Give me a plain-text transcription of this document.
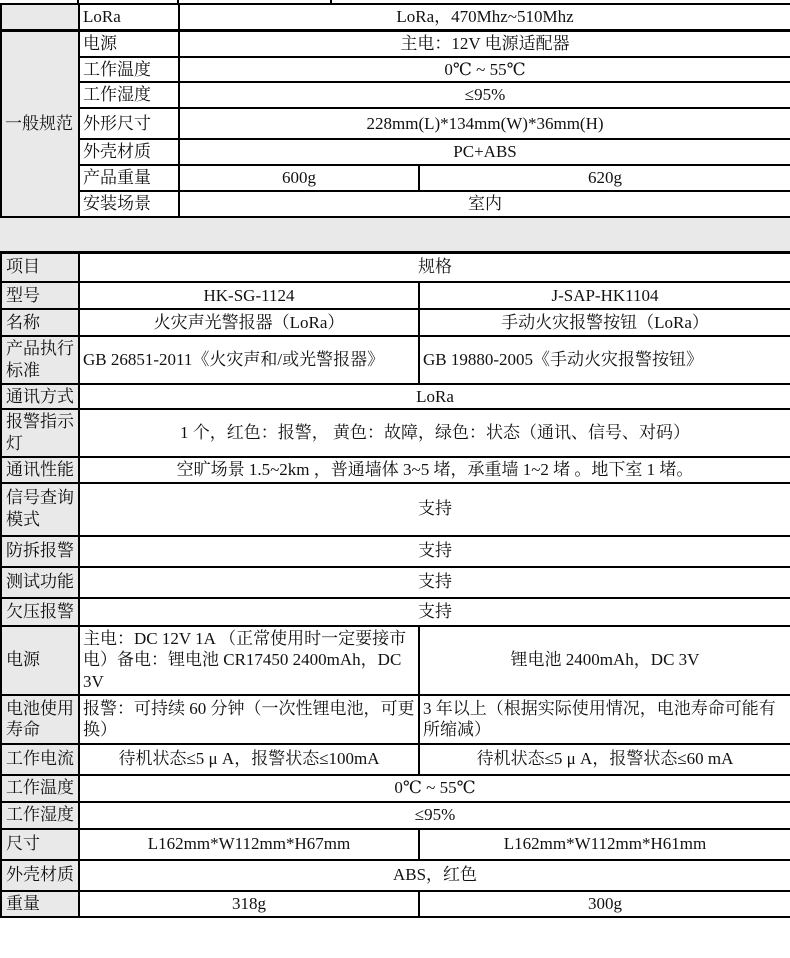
	LoRa	LoRa，470Mhz~510Mhz	
一般规范	电源	主电：12V 电源适配器	
	工作温度	0℃ ~ 55℃	
	工作湿度	≤95%	
	外形尺寸	228mm(L)*134mm(W)*36mm(H)	
	外壳材质	PC+ABS	
	产品重量	600g	620g
	安装场景	室内	
项目	规格	
型号	HK-SG-1124	J-SAP-HK1104
名称	火灾声光警报器（LoRa）	手动火灾报警按钮（LoRa）
产品执行标准	GB 26851-2011《火灾声和/或光警报器》	GB 19880-2005《手动火灾报警按钮》
通讯方式	LoRa	
报警指示灯	1 个，红色：报警， 黄色：故障，绿色：状态（通讯、信号、对码）	
通讯性能	空旷场景 1.5~2km ，普通墙体 3~5 堵，承重墙 1~2 堵 。地下室 1 堵。	
信号查询模式	支持	
防拆报警	支持	
测试功能	支持	
欠压报警	支持	
电源	主电：DC 12V 1A （正常使用时一定要接市电）备电：锂电池 CR17450 2400mAh，DC 3V	锂电池 2400mAh，DC 3V
电池使用寿命	报警：可持续 60 分钟（一次性锂电池，可更换）	3 年以上（根据实际使用情况，电池寿命可能有所缩减）
工作电流	待机状态≤5 μ A，报警状态≤100mA	待机状态≤5 μ A，报警状态≤60 mA
工作温度	0℃ ~ 55℃	
工作湿度	≤95%	
尺寸	L162mm*W112mm*H67mm	L162mm*W112mm*H61mm
外壳材质	ABS，红色	
重量	318g	300g
